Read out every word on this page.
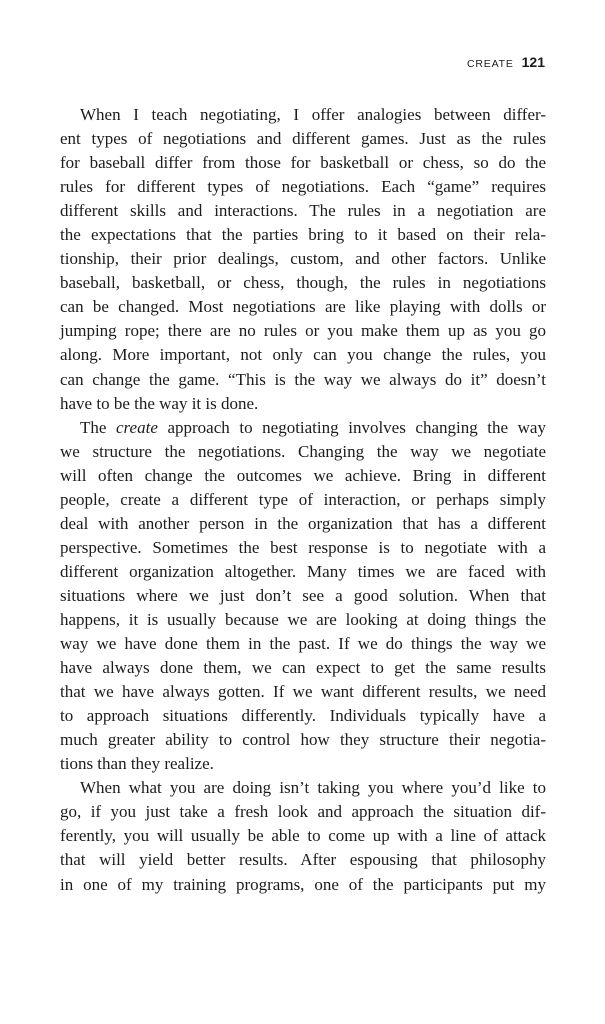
CREATE 121
When I teach negotiating, I offer analogies between differ-
ent types of negotiations and different games. Just as the rules
for baseball differ from those for basketball or chess, so do the
rules for different types of negotiations. Each “game” requires
different skills and interactions. The rules in a negotiation are
the expectations that the parties bring to it based on their rela-
tionship, their prior dealings, custom, and other factors. Unlike
baseball, basketball, or chess, though, the rules in negotiations
can be changed. Most negotiations are like playing with dolls or
jumping rope; there are no rules or you make them up as you go
along. More important, not only can you change the rules, you
can change the game. “This is the way we always do it” doesn’t
have to be the way it is done.
The create approach to negotiating involves changing the way
we structure the negotiations. Changing the way we negotiate
will often change the outcomes we achieve. Bring in different
people, create a different type of interaction, or perhaps simply
deal with another person in the organization that has a different
perspective. Sometimes the best response is to negotiate with a
different organization altogether. Many times we are faced with
situations where we just don’t see a good solution. When that
happens, it is usually because we are looking at doing things the
way we have done them in the past. If we do things the way we
have always done them, we can expect to get the same results
that we have always gotten. If we want different results, we need
to approach situations differently. Individuals typically have a
much greater ability to control how they structure their negotia-
tions than they realize.
When what you are doing isn’t taking you where you’d like to
go, if you just take a fresh look and approach the situation dif-
ferently, you will usually be able to come up with a line of attack
that will yield better results. After espousing that philosophy
in one of my training programs, one of the participants put my
